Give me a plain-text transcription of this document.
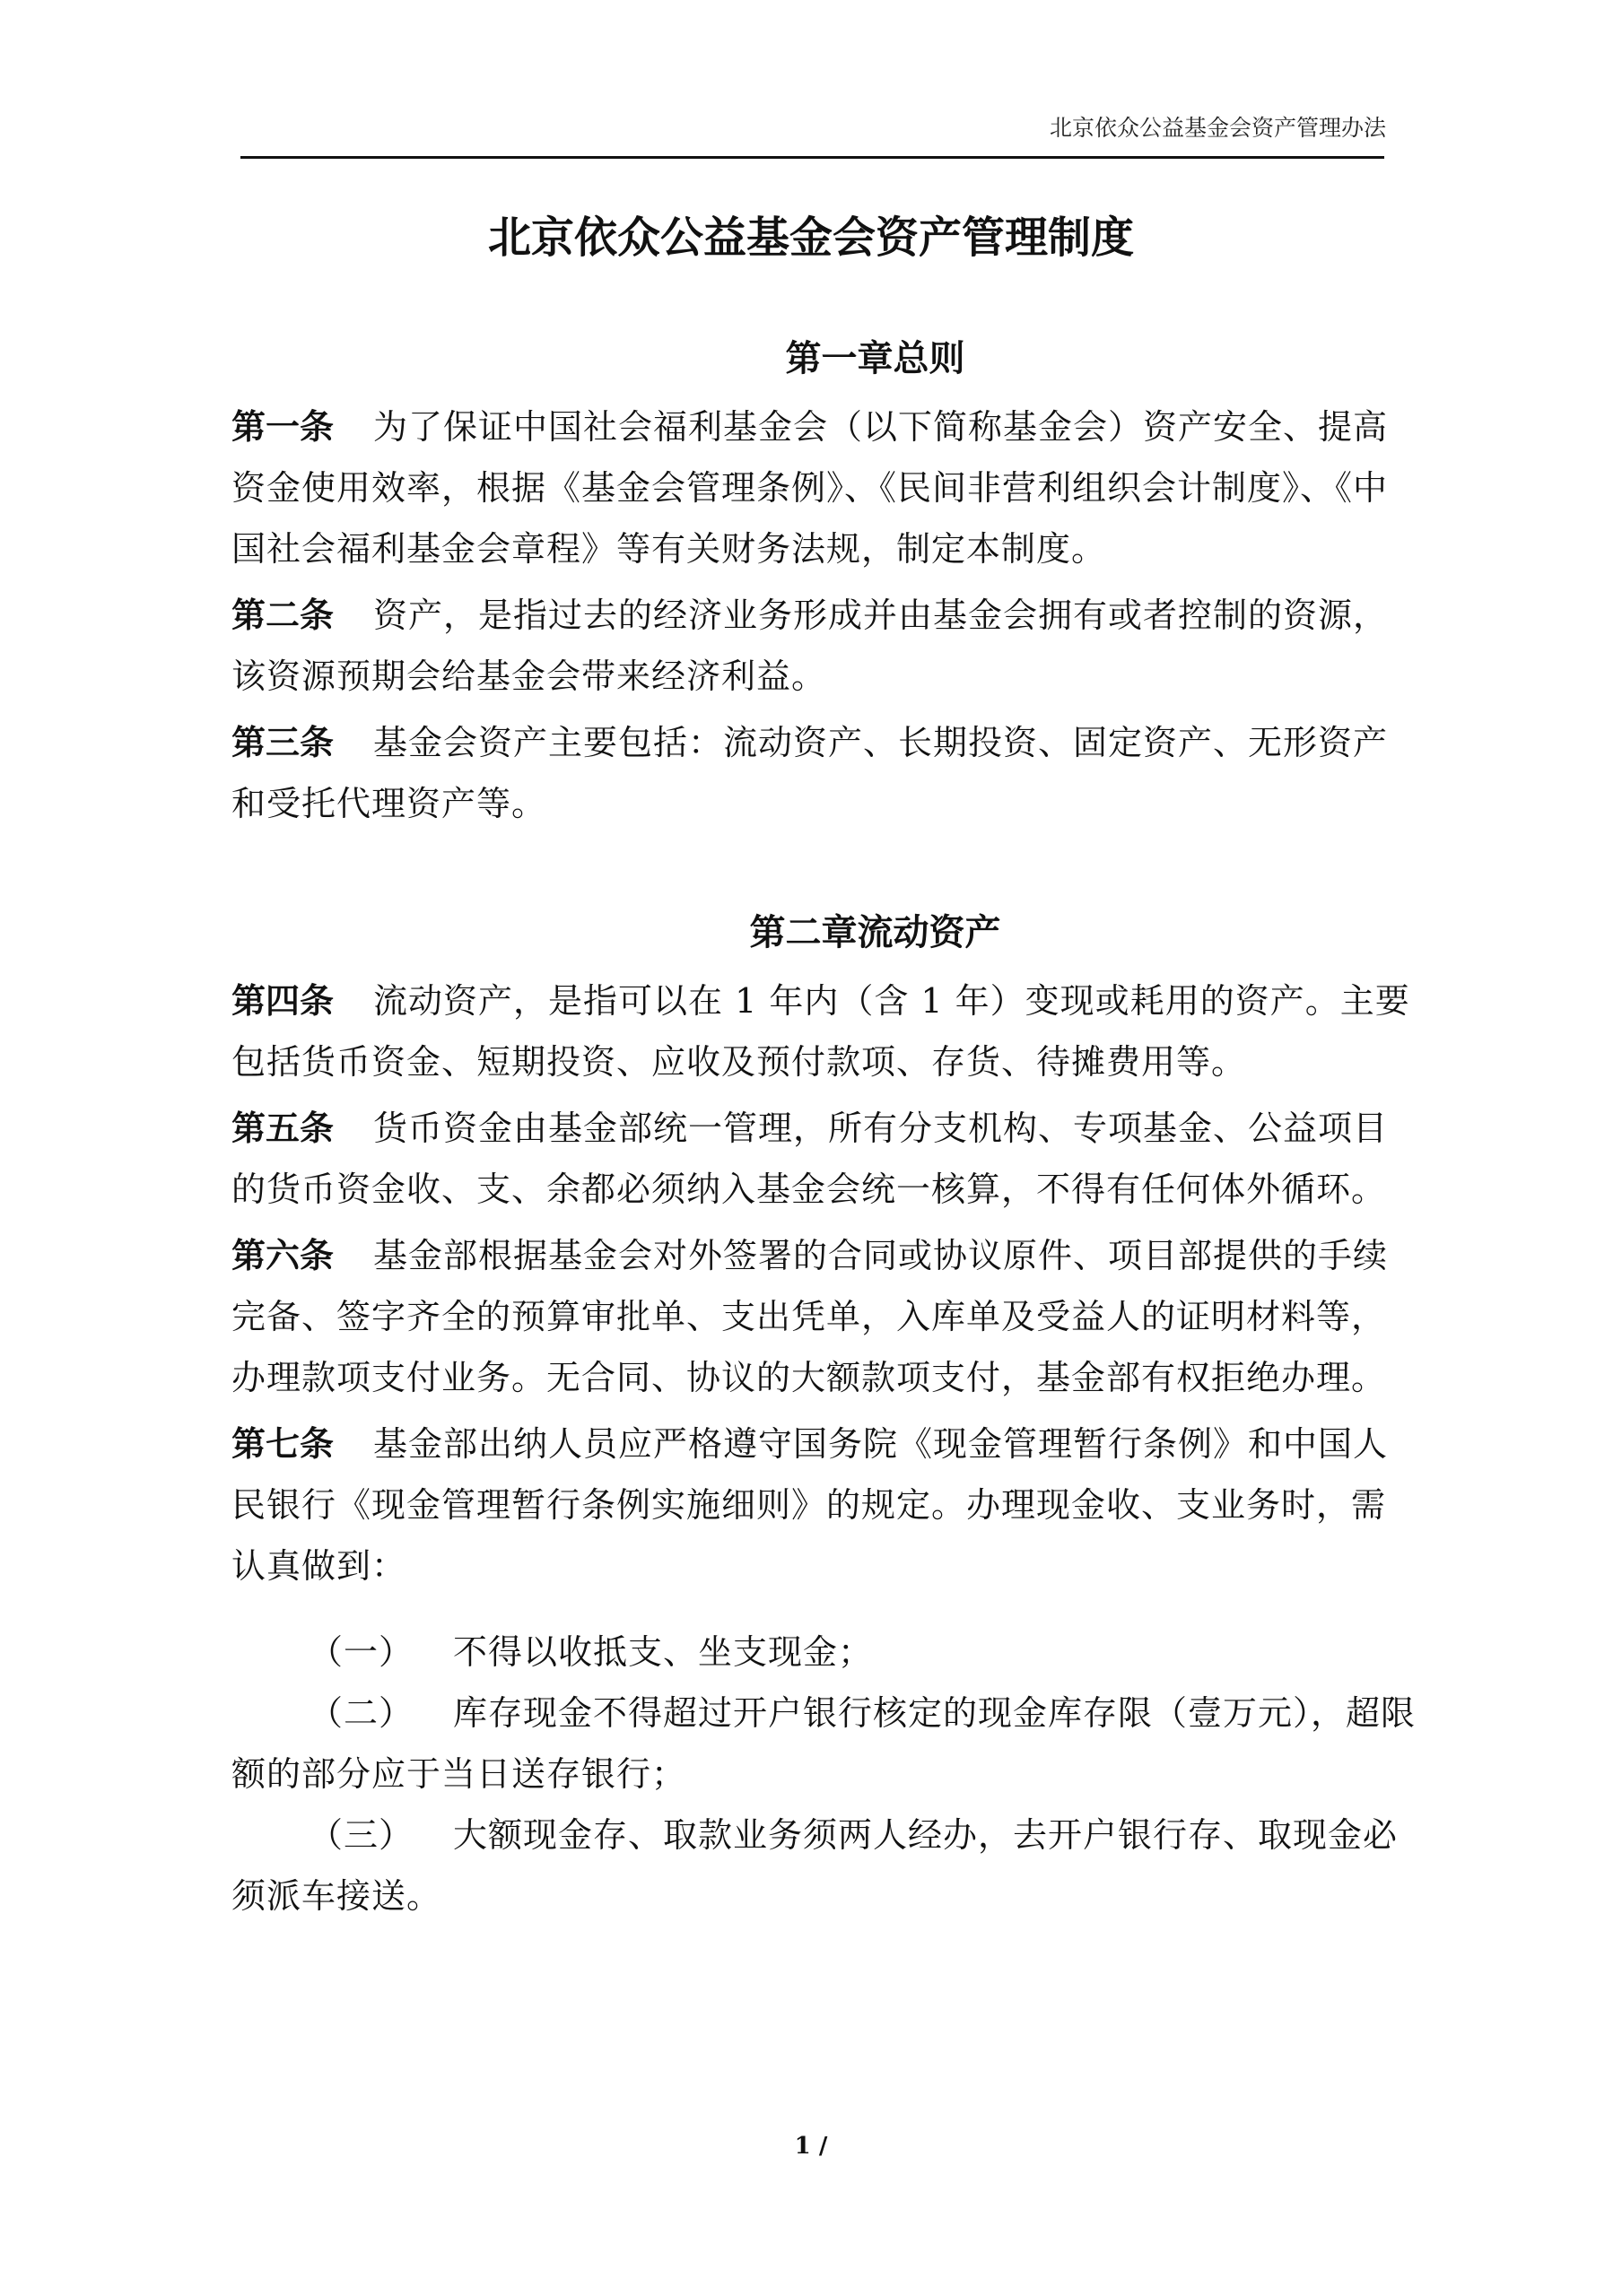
北京依众公益基金会资产管理办法
北京依众公益基金会资产管理制度
第一章总则

第一条 为了保证中国社会福利基金会（以下简称基金会）资产安全、提高资金使用效率，根据《基金会管理条例》、《民间非营利组织会计制度》、《中国社会福利基金会章程》等有关财务法规，制定本制度。

第二条 资产，是指过去的经济业务形成并由基金会拥有或者控制的资源，该资源预期会给基金会带来经济利益。

第三条 基金会资产主要包括：流动资产、长期投资、固定资产、无形资产和受托代理资产等。

第二章流动资产

第四条 流动资产，是指可以在 1 年内（含 1 年）变现或耗用的资产。主要包括货币资金、短期投资、应收及预付款项、存货、待摊费用等。

第五条 货币资金由基金部统一管理，所有分支机构、专项基金、公益项目的货币资金收、支、余都必须纳入基金会统一核算，不得有任何体外循环。

第六条 基金部根据基金会对外签署的合同或协议原件、项目部提供的手续完备、签字齐全的预算审批单、支出凭单，入库单及受益人的证明材料等，办理款项支付业务。无合同、协议的大额款项支付，基金部有权拒绝办理。

第七条 基金部出纳人员应严格遵守国务院《现金管理暂行条例》和中国人民银行《现金管理暂行条例实施细则》的规定。办理现金收、支业务时，需认真做到：

（一） 不得以收抵支、坐支现金；
（二） 库存现金不得超过开户银行核定的现金库存限（壹万元），超限额的部分应于当日送存银行；
（三） 大额现金存、取款业务须两人经办，去开户银行存、取现金必须派车接送。
1 /
